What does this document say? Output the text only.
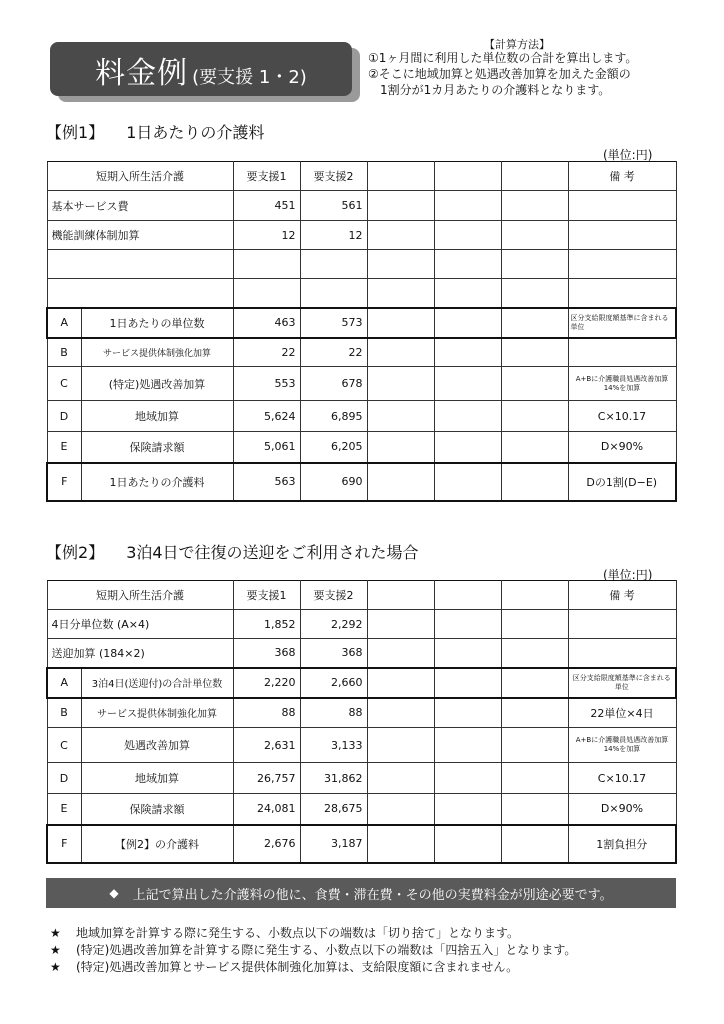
料金例 (要支援 1・2)
【計算方法】
①1ヶ月間に利用した単位数の合計を算出します。
②そこに地域加算と処遇改善加算を加えた金額の
　1割分が1カ月あたりの介護料となります。
【例1】 1日あたりの介護料
(単位:円)
短期入所生活介護		要支援1	要支援2				備 考
基本サービス費		451	561				
機能訓練体制加算		12	12				

A	1日あたりの単位数	463	573				区分支給限度額基準に含まれる単位
B	サービス提供体制強化加算	22	22				
C	(特定)処遇改善加算	553	678				A+Bに介護職員処遇改善加算14%を加算
D	地域加算	5,624	6,895				C×10.17
E	保険請求額	5,061	6,205				D×90%
F	1日あたりの介護料	563	690				Dの1割(D−E)
【例2】 3泊4日で往復の送迎をご利用された場合
(単位:円)
短期入所生活介護		要支援1	要支援2				備 考
4日分単位数 (A×4)		1,852	2,292				
送迎加算 (184×2)		368	368				
A	3泊4日(送迎付)の合計単位数	2,220	2,660				区分支給限度額基準に含まれる単位
B	サービス提供体制強化加算	88	88				22単位×4日
C	処遇改善加算	2,631	3,133				A+Bに介護職員処遇改善加算14%を加算
D	地域加算	26,757	31,862				C×10.17
E	保険請求額	24,081	28,675				D×90%
F	【例2】の介護料	2,676	3,187				1割負担分
◆ 上記で算出した介護料の他に、食費・滞在費・その他の実費料金が別途必要です。
★ 地域加算を計算する際に発生する、小数点以下の端数は「切り捨て」となります。
★ (特定)処遇改善加算を計算する際に発生する、小数点以下の端数は「四捨五入」となります。
★ (特定)処遇改善加算とサービス提供体制強化加算は、支給限度額に含まれません。
